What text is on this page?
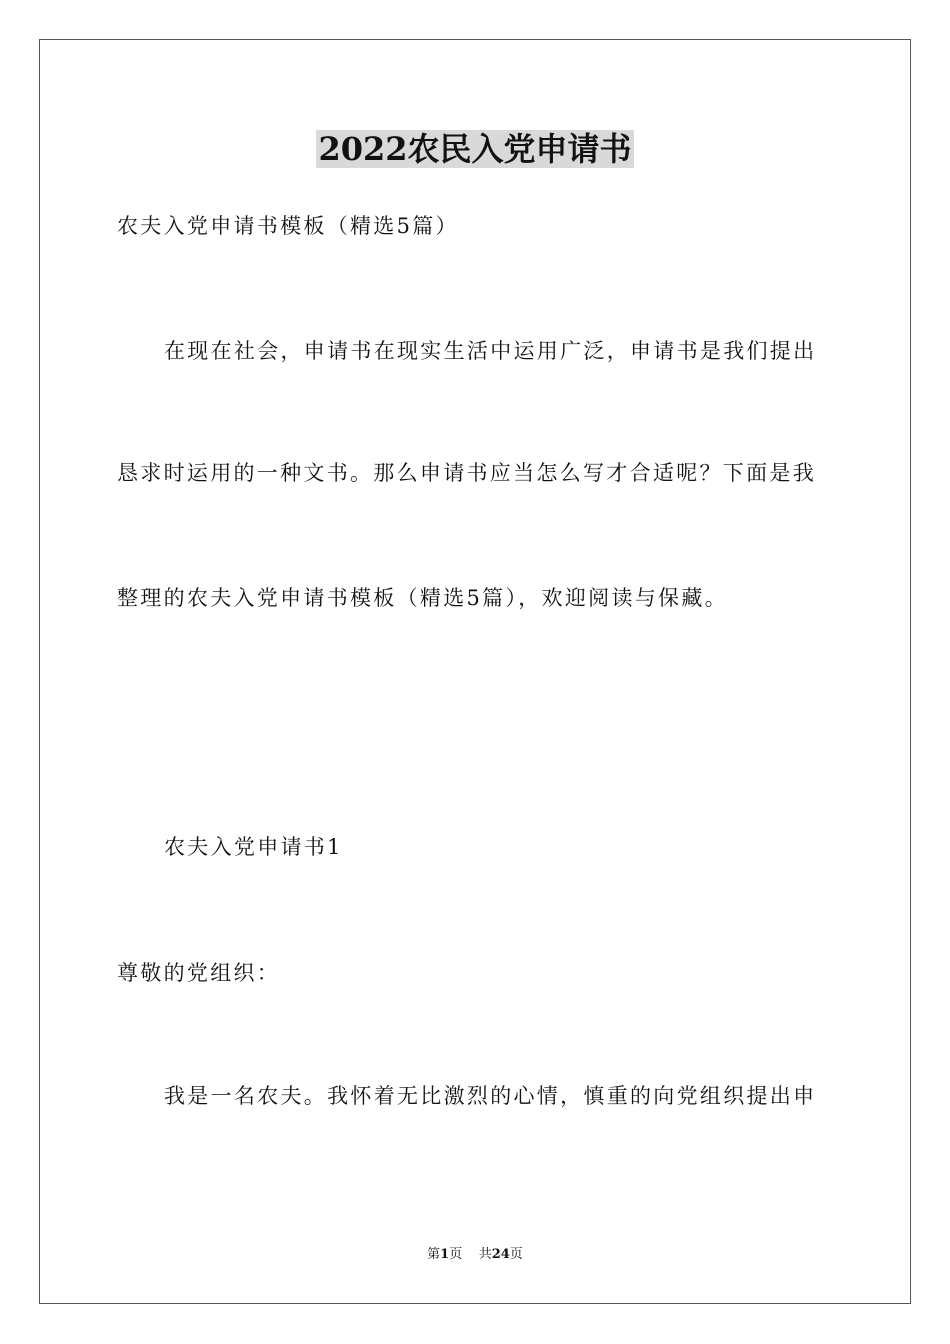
2022农民入党申请书
农夫入党申请书模板（精选5篇）
在现在社会，申请书在现实生活中运用广泛，申请书是我们提出
恳求时运用的一种文书。那么申请书应当怎么写才合适呢？下面是我
整理的农夫入党申请书模板（精选5篇），欢迎阅读与保藏。
农夫入党申请书1
尊敬的党组织：
我是一名农夫。我怀着无比激烈的心情，慎重的向党组织提出申
第1页 共24页
